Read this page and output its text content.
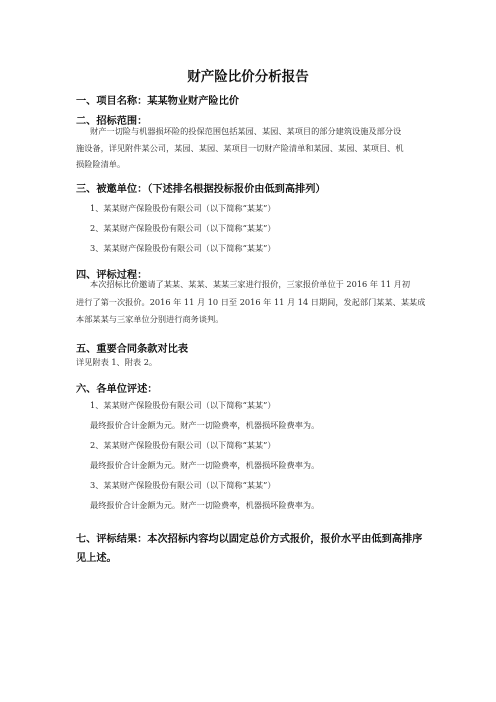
财产险比价分析报告
一、项目名称：某某物业财产险比价
二、招标范围：
财产一切险与机器损坏险的投保范围包括某园、某园、某项目的部分建筑设施及部分设
施设备，详见附件某公司，某园、某园、某项目一切财产险清单和某园、某园、某项目、机
损险险清单。
三、被邀单位：（下述排名根据投标报价由低到高排列）
1、某某财产保险股份有限公司（以下简称“某某”）
2、某某财产保险股份有限公司（以下简称“某某”）
3、某某财产保险股份有限公司（以下简称“某某”）
四、评标过程：
本次招标比价邀请了某某、某某、某某三家进行报价，三家报价单位于 2016 年 11 月初
进行了第一次报价。2016 年 11 月 10 日至 2016 年 11 月 14 日期间，发起部门某某、某某成
本部某某与三家单位分别进行商务谈判。
五、重要合同条款对比表
详见附表 1、附表 2。
六、各单位评述：
1、某某财产保险股份有限公司（以下简称“某某”）
最终报价合计金额为元。财产一切险费率，机器损坏险费率为。
2、某某财产保险股份有限公司（以下简称“某某”）
最终报价合计金额为元。财产一切险费率，机器损坏险费率为。
3、某某财产保险股份有限公司（以下简称“某某”）
最终报价合计金额为元。财产一切险费率，机器损坏险费率为。
七、评标结果：本次招标内容均以固定总价方式报价，报价水平由低到高排序
见上述。
